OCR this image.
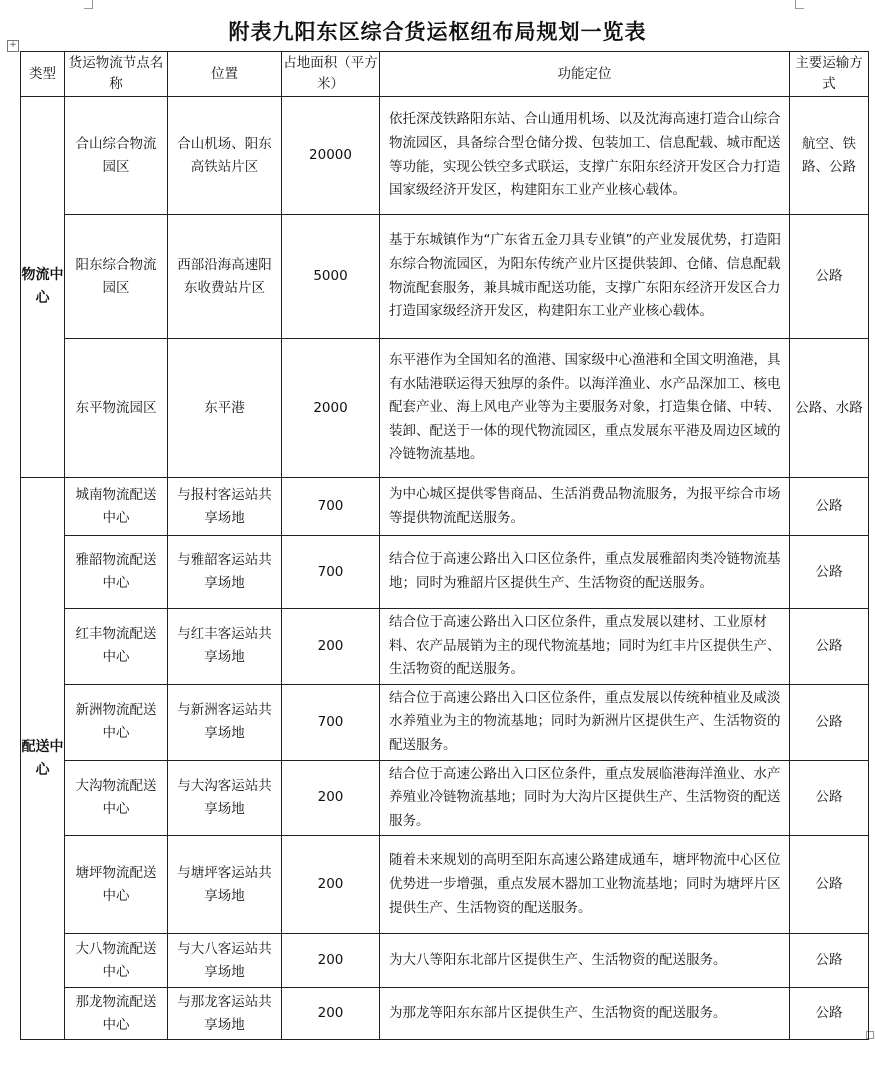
+
附表九阳东区综合货运枢纽布局规划一览表
类型	货运物流节点名称	位置	占地面积（平方米）	功能定位	主要运输方式
物流中心	合山综合物流园区	合山机场、阳东高铁站片区	20000	依托深茂铁路阳东站、合山通用机场、以及沈海高速打造合山综合物流园区，具备综合型仓储分拨、包装加工、信息配载、城市配送等功能，实现公铁空多式联运，支撑广东阳东经济开发区合力打造国家级经济开发区，构建阳东工业产业核心载体。	航空、铁路、公路
	阳东综合物流园区	西部沿海高速阳东收费站片区	5000	基于东城镇作为“广东省五金刀具专业镇”的产业发展优势，打造阳东综合物流园区，为阳东传统产业片区提供装卸、仓储、信息配载物流配套服务，兼具城市配送功能，支撑广东阳东经济开发区合力打造国家级经济开发区，构建阳东工业产业核心载体。	公路
	东平物流园区	东平港	2000	东平港作为全国知名的渔港、国家级中心渔港和全国文明渔港，具有水陆港联运得天独厚的条件。以海洋渔业、水产品深加工、核电配套产业、海上风电产业等为主要服务对象，打造集仓储、中转、装卸、配送于一体的现代物流园区，重点发展东平港及周边区域的冷链物流基地。	公路、水路
配送中心	城南物流配送中心	与报村客运站共享场地	700	为中心城区提供零售商品、生活消费品物流服务，为报平综合市场等提供物流配送服务。	公路
	雅韶物流配送中心	与雅韶客运站共享场地	700	结合位于高速公路出入口区位条件，重点发展雅韶肉类冷链物流基地；同时为雅韶片区提供生产、生活物资的配送服务。	公路
	红丰物流配送中心	与红丰客运站共享场地	200	结合位于高速公路出入口区位条件，重点发展以建材、工业原材料、农产品展销为主的现代物流基地；同时为红丰片区提供生产、生活物资的配送服务。	公路
	新洲物流配送中心	与新洲客运站共享场地	700	结合位于高速公路出入口区位条件，重点发展以传统种植业及咸淡水养殖业为主的物流基地；同时为新洲片区提供生产、生活物资的配送服务。	公路
	大沟物流配送中心	与大沟客运站共享场地	200	结合位于高速公路出入口区位条件，重点发展临港海洋渔业、水产养殖业冷链物流基地；同时为大沟片区提供生产、生活物资的配送服务。	公路
	塘坪物流配送中心	与塘坪客运站共享场地	200	随着未来规划的高明至阳东高速公路建成通车，塘坪物流中心区位优势进一步增强，重点发展木器加工业物流基地；同时为塘坪片区提供生产、生活物资的配送服务。	公路
	大八物流配送中心	与大八客运站共享场地	200	为大八等阳东北部片区提供生产、生活物资的配送服务。	公路
	那龙物流配送中心	与那龙客运站共享场地	200	为那龙等阳东东部片区提供生产、生活物资的配送服务。	公路
